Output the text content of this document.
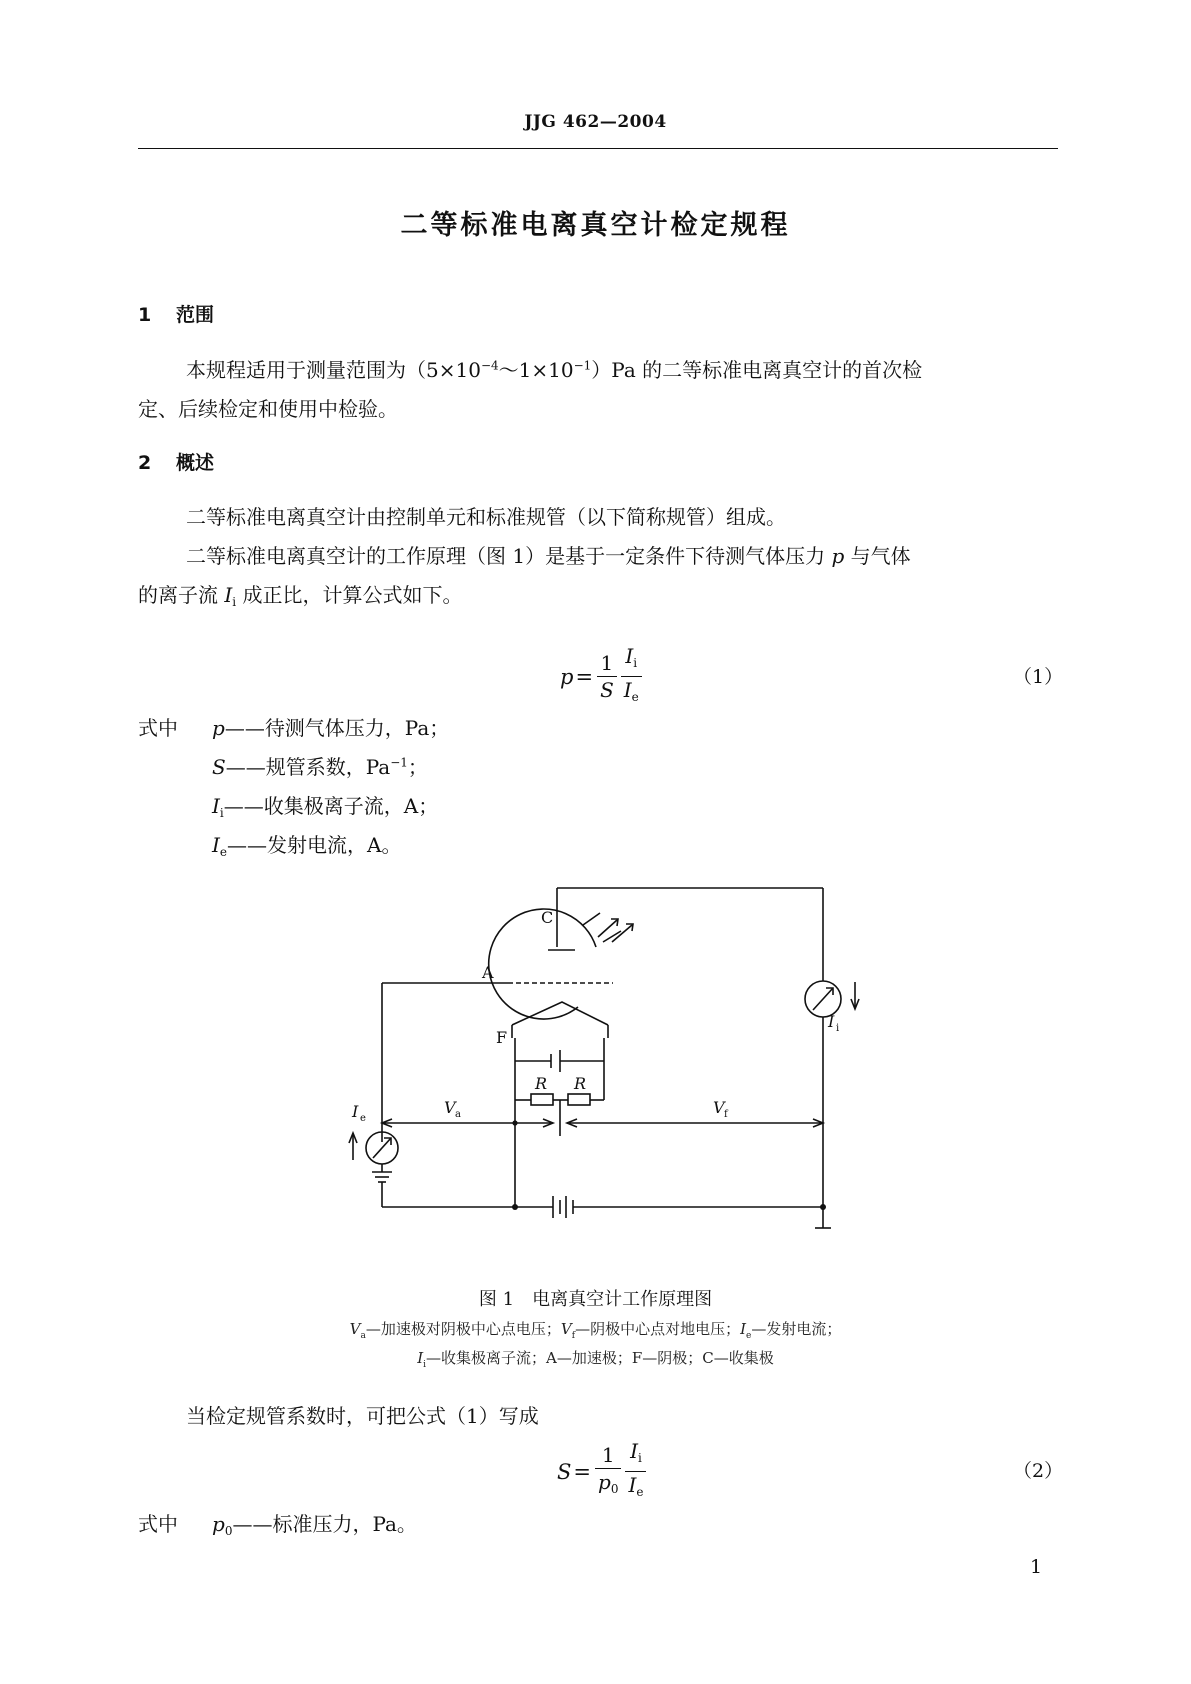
JJG 462—2004
二等标准电离真空计检定规程
1 范围
本规程适用于测量范围为$(5\times 10^{-4}\sim 1\times 10^{-1})Pa$ 的二等标准电离真空计的首次检
定、后续检定和使用中检验。
2 概述
二等标准电离真空计由控制单元和标准规管（以下简称规管）组成。
二等标准电离真空计的工作原理（图 1）是基于一定条件下待测气体压力 p 与气体
的离子流 $I_i$ 成正比，计算公式如下。
$p = \frac{1}{S} \frac{I_i}{I_e}$	（1）
式中 p——待测气体压力，Pa；
S——规管系数，$Pa^{-1}$；
$I_i——$收集极离子流，A；
$I_e——$发射电流，A。
C
A
F
R R
I i
I e
V a	V f
图 1　电离真空计工作原理图
$V_a—$加速极对阴极中心点电压；$V_f—$阴极中心点对地电压；$I_e—$发射电流；
$I_i—$收集极离子流；A—加速极；F—阴极；C—收集极
当检定规管系数时，可把公式（1）写成
$S = \frac{1}{p_0} \frac{I_i}{I_e}$	（2）
式中 $p_0——$标准压力，Pa。
1
